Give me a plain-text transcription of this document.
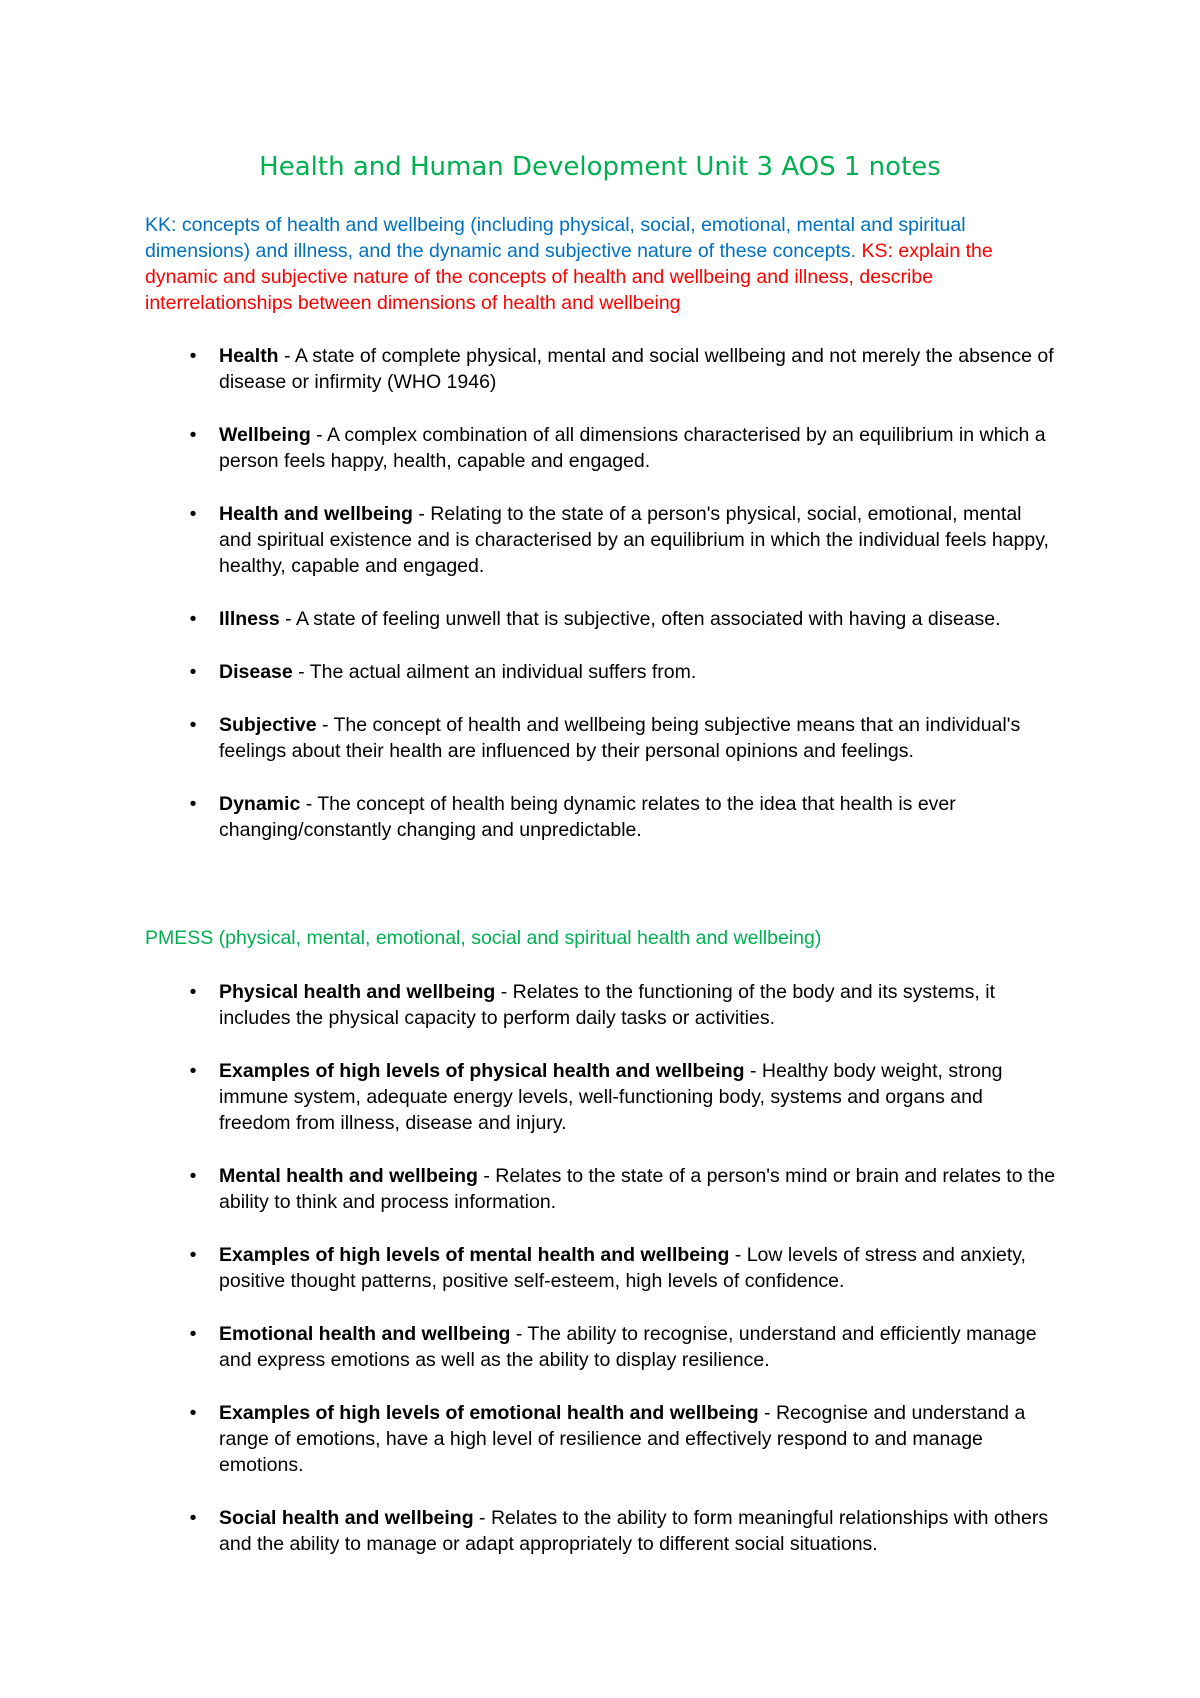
Health and Human Development Unit 3 AOS 1 notes
KK: concepts of health and wellbeing (including physical, social, emotional, mental and spiritual dimensions) and illness, and the dynamic and subjective nature of these concepts. KS: explain the dynamic and subjective nature of the concepts of health and wellbeing and illness, describe interrelationships between dimensions of health and wellbeing
• Health - A state of complete physical, mental and social wellbeing and not merely the absence of disease or infirmity (WHO 1946)
• Wellbeing - A complex combination of all dimensions characterised by an equilibrium in which a person feels happy, health, capable and engaged.
• Health and wellbeing - Relating to the state of a person's physical, social, emotional, mental and spiritual existence and is characterised by an equilibrium in which the individual feels happy, healthy, capable and engaged.
• Illness - A state of feeling unwell that is subjective, often associated with having a disease.
• Disease - The actual ailment an individual suffers from.
• Subjective - The concept of health and wellbeing being subjective means that an individual's feelings about their health are influenced by their personal opinions and feelings.
• Dynamic - The concept of health being dynamic relates to the idea that health is ever changing/constantly changing and unpredictable.
PMESS (physical, mental, emotional, social and spiritual health and wellbeing)
• Physical health and wellbeing - Relates to the functioning of the body and its systems, it includes the physical capacity to perform daily tasks or activities.
• Examples of high levels of physical health and wellbeing - Healthy body weight, strong immune system, adequate energy levels, well-functioning body, systems and organs and freedom from illness, disease and injury.
• Mental health and wellbeing - Relates to the state of a person's mind or brain and relates to the ability to think and process information.
• Examples of high levels of mental health and wellbeing - Low levels of stress and anxiety, positive thought patterns, positive self-esteem, high levels of confidence.
• Emotional health and wellbeing - The ability to recognise, understand and efficiently manage and express emotions as well as the ability to display resilience.
• Examples of high levels of emotional health and wellbeing - Recognise and understand a range of emotions, have a high level of resilience and effectively respond to and manage emotions.
• Social health and wellbeing - Relates to the ability to form meaningful relationships with others and the ability to manage or adapt appropriately to different social situations.
